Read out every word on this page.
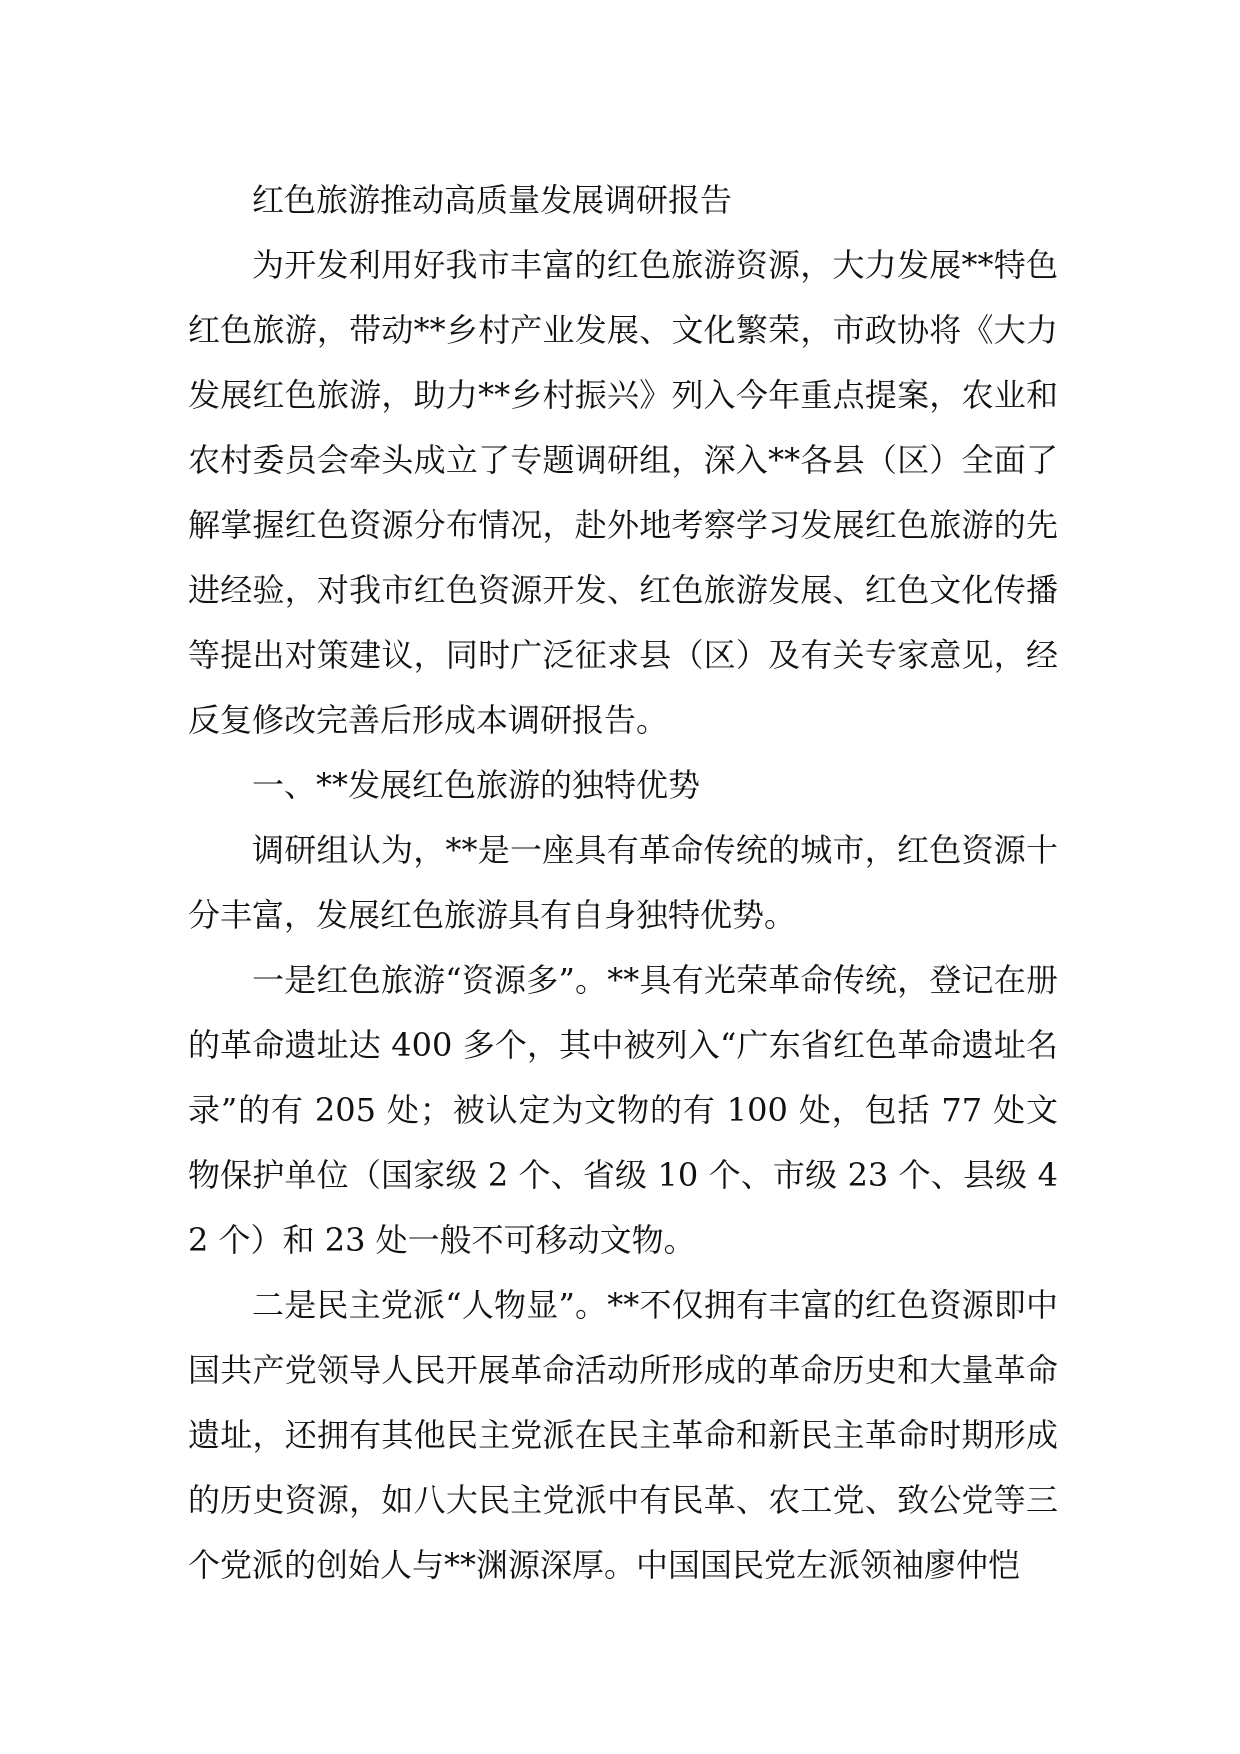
红色旅游推动高质量发展调研报告

为开发利用好我市丰富的红色旅游资源，大力发展**特色红色旅游，带动**乡村产业发展、文化繁荣，市政协将《大力发展红色旅游，助力**乡村振兴》列入今年重点提案，农业和农村委员会牵头成立了专题调研组，深入**各县（区）全面了解掌握红色资源分布情况，赴外地考察学习发展红色旅游的先进经验，对我市红色资源开发、红色旅游发展、红色文化传播等提出对策建议，同时广泛征求县（区）及有关专家意见，经反复修改完善后形成本调研报告。

一、**发展红色旅游的独特优势

调研组认为，**是一座具有革命传统的城市，红色资源十分丰富，发展红色旅游具有自身独特优势。

一是红色旅游“资源多”。**具有光荣革命传统，登记在册的革命遗址达 400 多个，其中被列入“广东省红色革命遗址名录”的有 205 处；被认定为文物的有 100 处，包括 77 处文物保护单位（国家级 2 个、省级 10 个、市级 23 个、县级 42 个）和 23 处一般不可移动文物。

二是民主党派“人物显”。**不仅拥有丰富的红色资源即中国共产党领导人民开展革命活动所形成的革命历史和大量革命遗址，还拥有其他民主党派在民主革命和新民主革命时期形成的历史资源，如八大民主党派中有民革、农工党、致公党等三个党派的创始人与**渊源深厚。中国国民党左派领袖廖仲恺
